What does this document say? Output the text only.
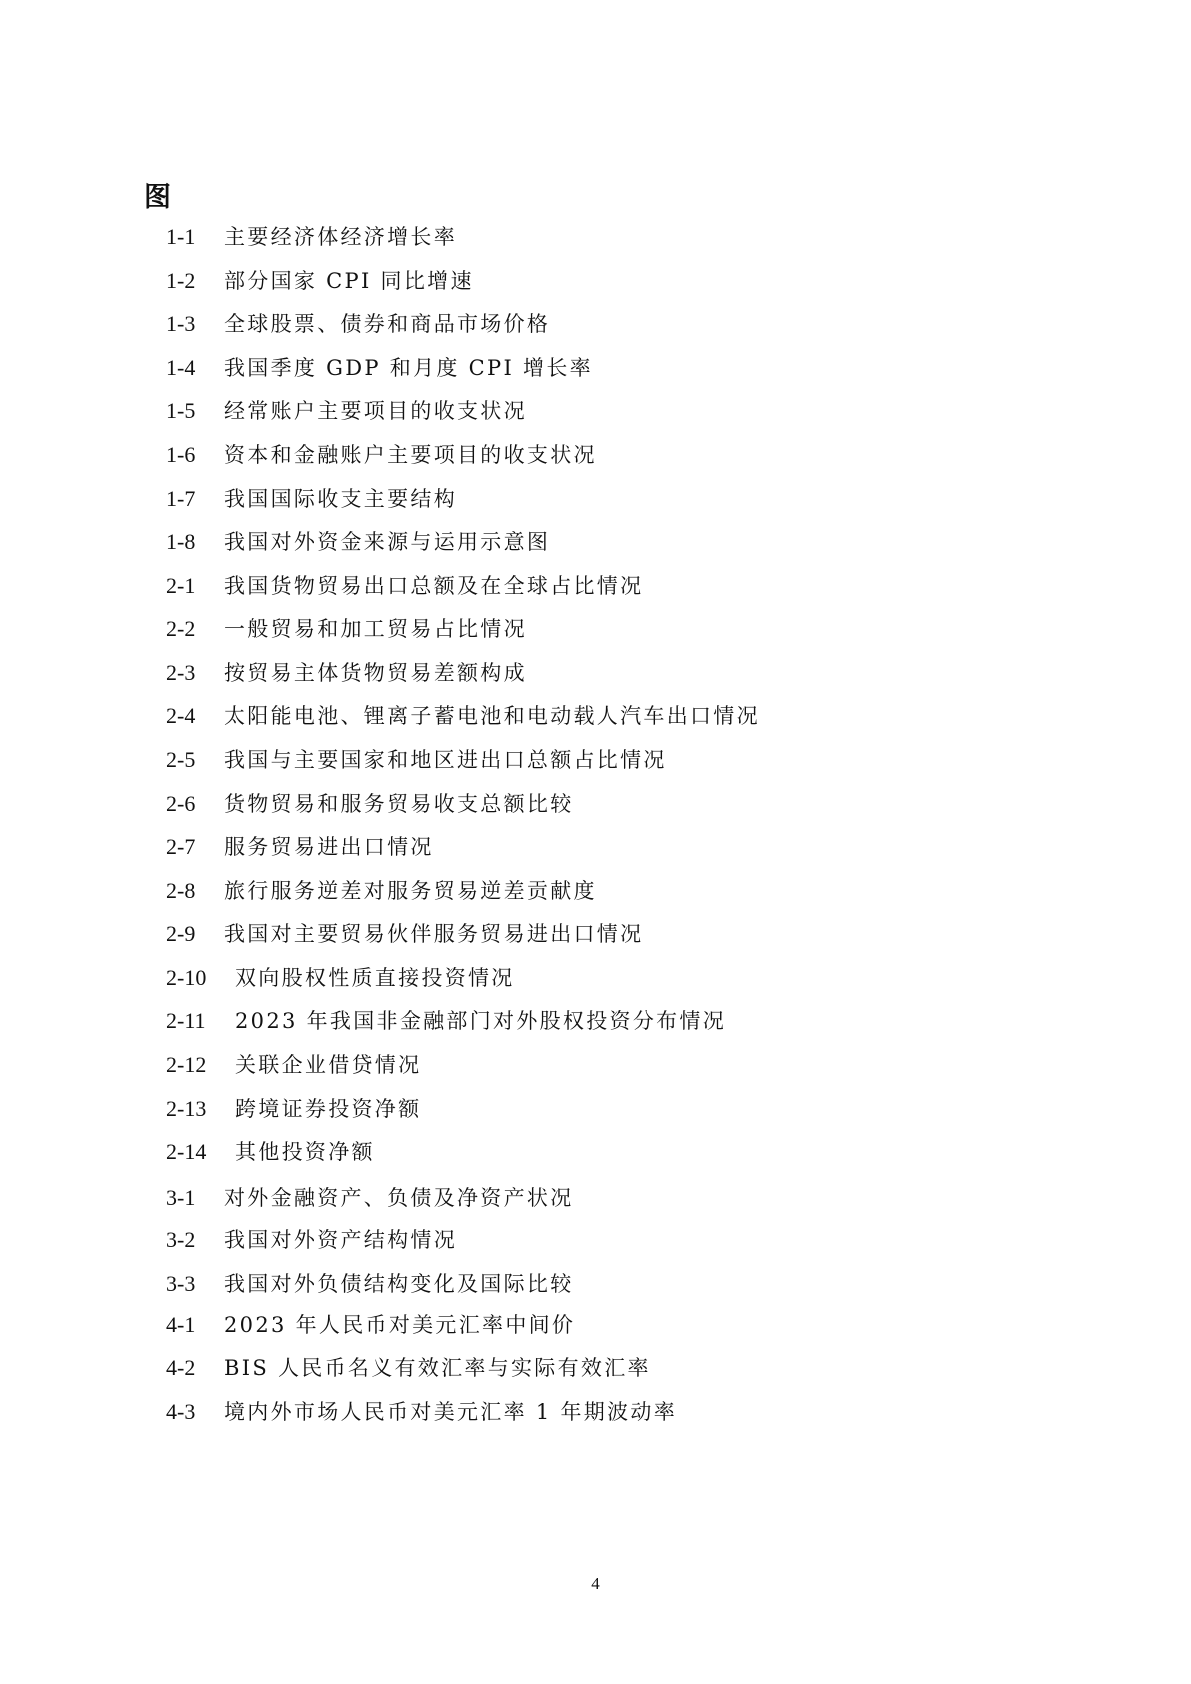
图
1-1 主要经济体经济增长率
1-2 部分国家 CPI 同比增速
1-3 全球股票、债券和商品市场价格
1-4 我国季度 GDP 和月度 CPI 增长率
1-5 经常账户主要项目的收支状况
1-6 资本和金融账户主要项目的收支状况
1-7 我国国际收支主要结构
1-8 我国对外资金来源与运用示意图
2-1 我国货物贸易出口总额及在全球占比情况
2-2 一般贸易和加工贸易占比情况
2-3 按贸易主体货物贸易差额构成
2-4 太阳能电池、锂离子蓄电池和电动载人汽车出口情况
2-5 我国与主要国家和地区进出口总额占比情况
2-6 货物贸易和服务贸易收支总额比较
2-7 服务贸易进出口情况
2-8 旅行服务逆差对服务贸易逆差贡献度
2-9 我国对主要贸易伙伴服务贸易进出口情况
2-10 双向股权性质直接投资情况
2-11 2023 年我国非金融部门对外股权投资分布情况
2-12 关联企业借贷情况
2-13 跨境证券投资净额
2-14 其他投资净额
3-1 对外金融资产、负债及净资产状况
3-2 我国对外资产结构情况
3-3 我国对外负债结构变化及国际比较
4-1 2023 年人民币对美元汇率中间价
4-2 BIS 人民币名义有效汇率与实际有效汇率
4-3 境内外市场人民币对美元汇率 1 年期波动率
4
